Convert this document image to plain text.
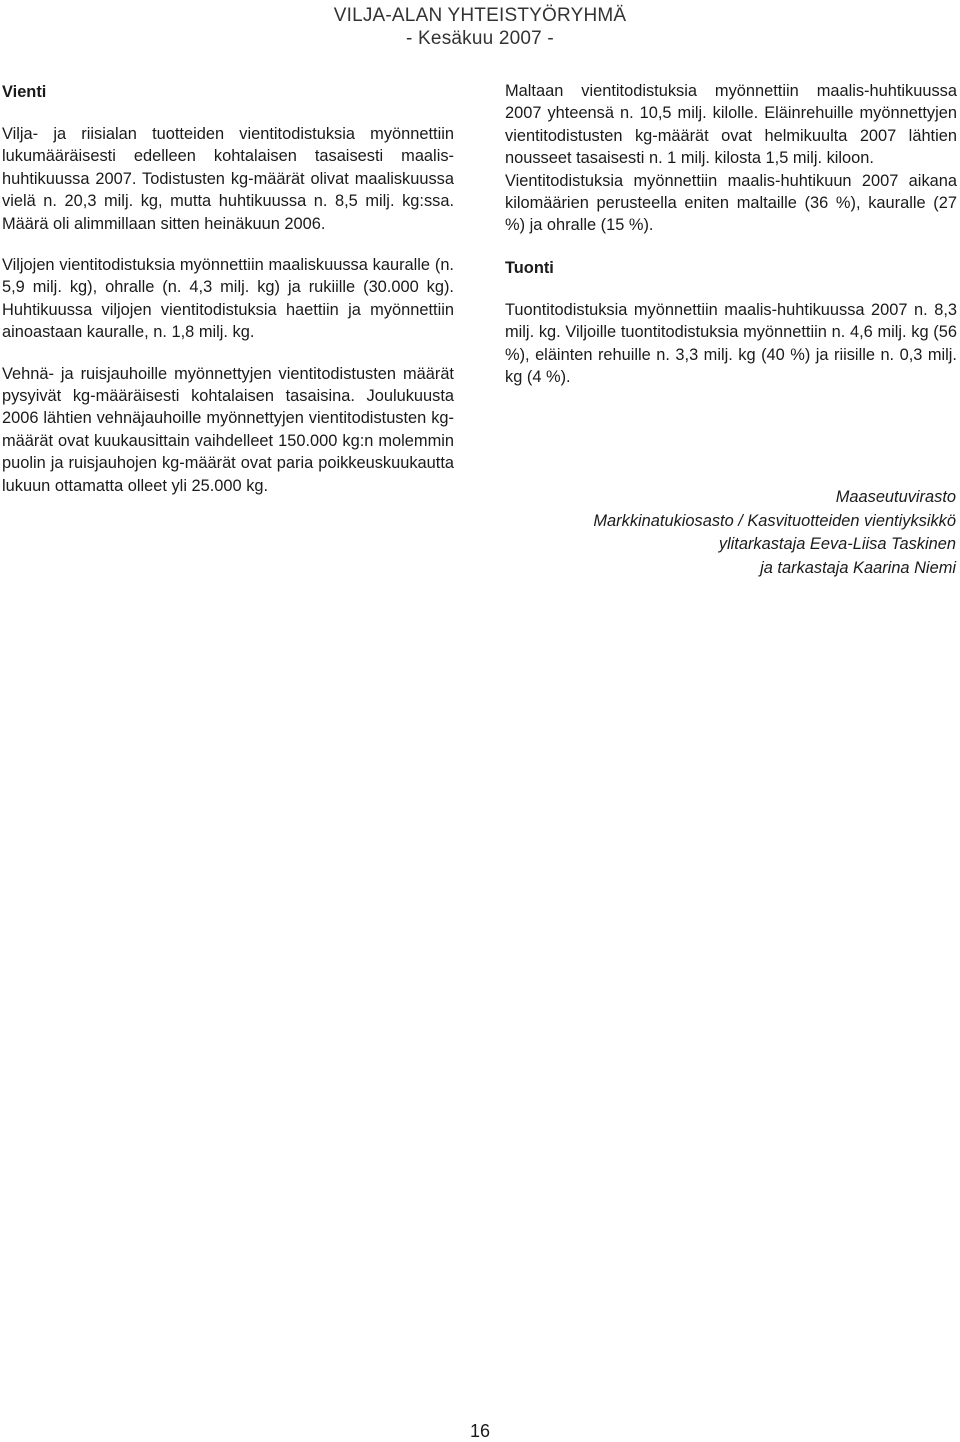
VILJA-ALAN YHTEISTYÖRYHMÄ
- Kesäkuu 2007 -
Vienti
Vilja- ja riisialan tuotteiden vientitodistuksia myönnettiin lukumääräisesti edelleen kohtalaisen tasaisesti maalis-huhtikuussa 2007. Todistusten kg-määrät olivat maaliskuussa vielä n. 20,3 milj. kg, mutta huhtikuussa n. 8,5 milj. kg:ssa. Määrä oli alimmillaan sitten heinäkuun 2006.
Viljojen vientitodistuksia myönnettiin maaliskuussa kauralle (n. 5,9 milj. kg), ohralle (n. 4,3 milj. kg) ja rukiille (30.000 kg). Huhtikuussa viljojen vientitodistuksia haettiin ja myönnettiin ainoastaan kauralle, n. 1,8 milj. kg.
Vehnä- ja ruisjauhoille myönnettyjen vientitodistusten määrät pysyivät kg-määräisesti kohtalaisen tasaisina. Joulukuusta 2006 lähtien vehnäjauhoille myönnettyjen vientitodistusten kg-määrät ovat kuukausittain vaihdelleet 150.000 kg:n molemmin puolin ja ruisjauhojen kg-määrät ovat paria poikkeuskuukautta lukuun ottamatta olleet yli 25.000 kg.
Maltaan vientitodistuksia myönnettiin maalis-huhtikuussa 2007 yhteensä n. 10,5 milj. kilolle. Eläinrehuille myönnettyjen vientitodistusten kg-määrät ovat helmikuulta 2007 lähtien nousseet tasaisesti n. 1 milj. kilosta 1,5 milj. kiloon.
Vientitodistuksia myönnettiin maalis-huhtikuun 2007 aikana kilomäärien perusteella eniten maltaille (36 %), kauralle (27 %) ja ohralle (15 %).
Tuonti
Tuontitodistuksia myönnettiin maalis-huhtikuussa 2007 n. 8,3 milj. kg. Viljoille tuontitodistuksia myönnettiin n. 4,6 milj. kg (56 %), eläinten rehuille n. 3,3 milj. kg (40 %) ja riisille n. 0,3 milj. kg (4 %).
Maaseutuvirasto
Markkinatukiosasto / Kasvituotteiden vientiyksikkö
ylitarkastaja Eeva-Liisa Taskinen
ja tarkastaja Kaarina Niemi
16
